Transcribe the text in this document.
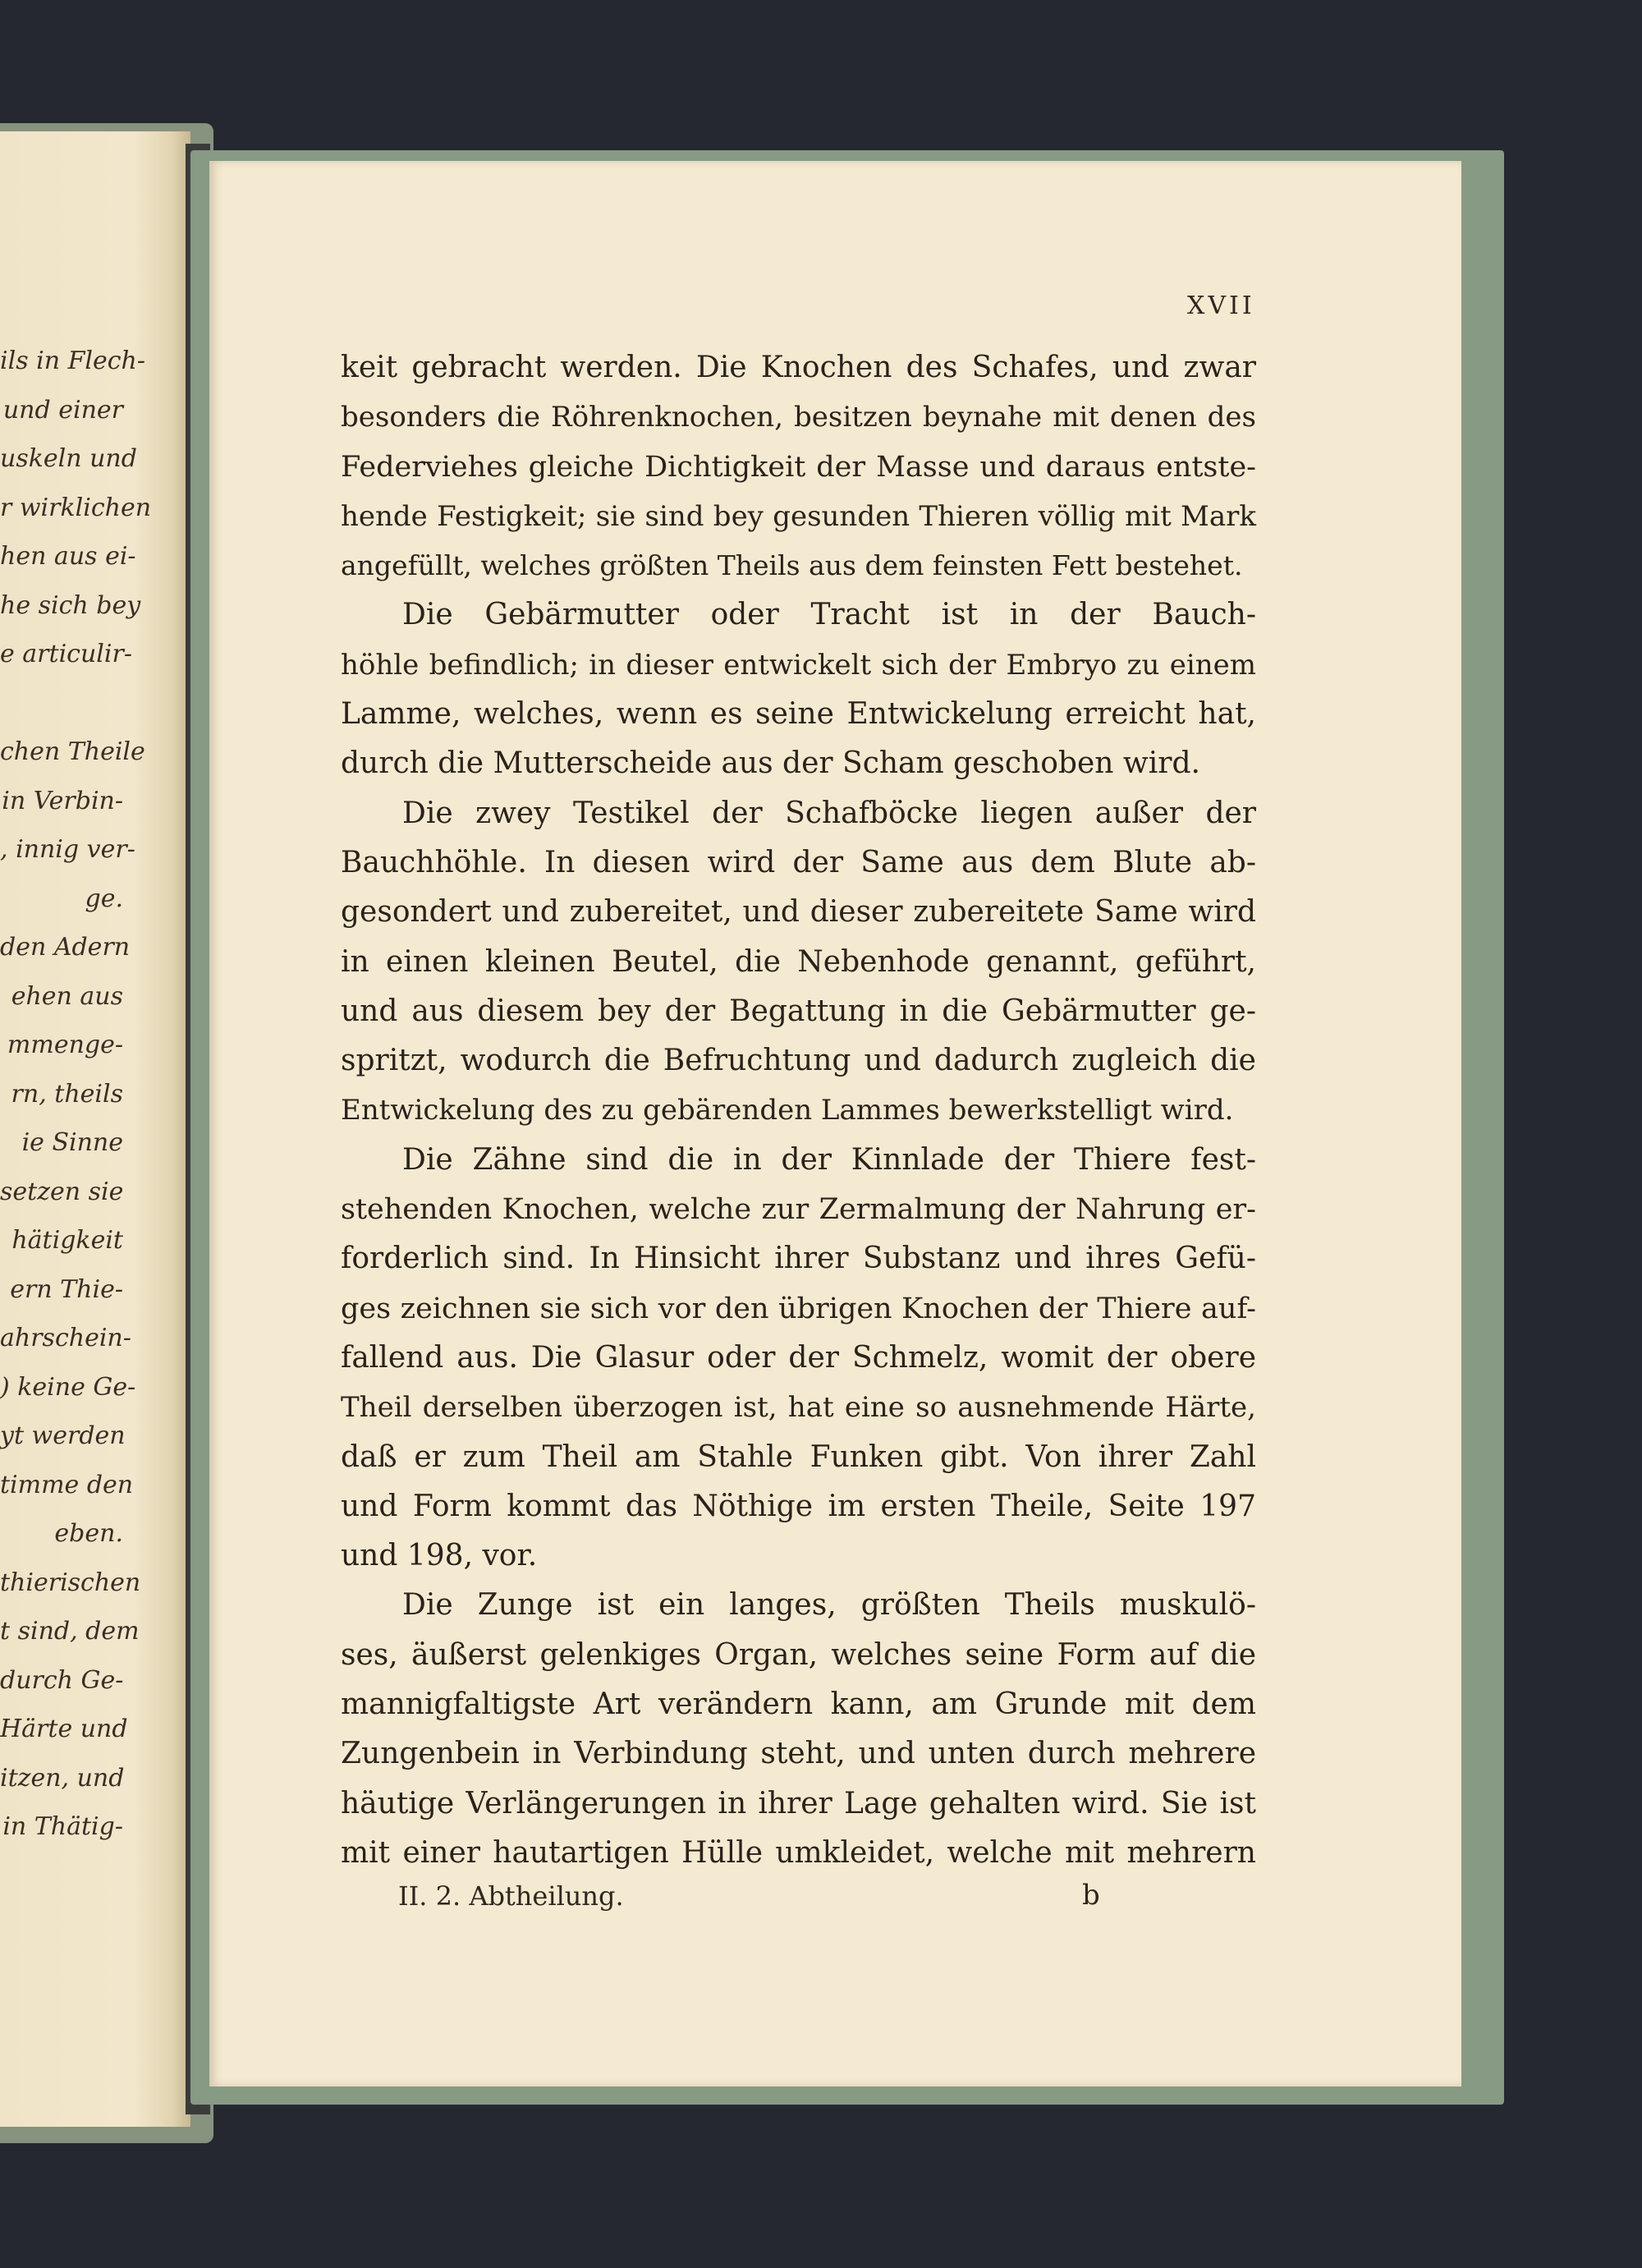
ils in Flech-
und einer
uskeln und
r wirklichen
hen aus ei-
he sich bey
e articulir-
chen Theile
in Verbin-
, innig ver-
ge.
den Adern
ehen aus
mmenge-
rn, theils
ie Sinne
setzen sie
hätigkeit
ern Thie-
ahrschein-
) keine Ge-
yt werden
timme den
eben.
thierischen
t sind, dem
durch Ge-
Härte und
itzen, und
in Thätig-
XVII
keit gebracht werden. Die Knochen des Schafes, und zwar
besonders die Röhrenknochen, besitzen beynahe mit denen des
Federviehes gleiche Dichtigkeit der Masse und daraus entste-
hende Festigkeit; sie sind bey gesunden Thieren völlig mit Mark
angefüllt, welches größten Theils aus dem feinsten Fett bestehet.
Die Gebärmutter oder Tracht ist in der Bauch-
höhle befindlich; in dieser entwickelt sich der Embryo zu einem
Lamme, welches, wenn es seine Entwickelung erreicht hat,
durch die Mutterscheide aus der Scham geschoben wird.
Die zwey Testikel der Schafböcke liegen außer der
Bauchhöhle. In diesen wird der Same aus dem Blute ab-
gesondert und zubereitet, und dieser zubereitete Same wird
in einen kleinen Beutel, die Nebenhode genannt, geführt,
und aus diesem bey der Begattung in die Gebärmutter ge-
spritzt, wodurch die Befruchtung und dadurch zugleich die
Entwickelung des zu gebärenden Lammes bewerkstelligt wird.
Die Zähne sind die in der Kinnlade der Thiere fest-
stehenden Knochen, welche zur Zermalmung der Nahrung er-
forderlich sind. In Hinsicht ihrer Substanz und ihres Gefü-
ges zeichnen sie sich vor den übrigen Knochen der Thiere auf-
fallend aus. Die Glasur oder der Schmelz, womit der obere
Theil derselben überzogen ist, hat eine so ausnehmende Härte,
daß er zum Theil am Stahle Funken gibt. Von ihrer Zahl
und Form kommt das Nöthige im ersten Theile, Seite 197
und 198, vor.
Die Zunge ist ein langes, größten Theils muskulö-
ses, äußerst gelenkiges Organ, welches seine Form auf die
mannigfaltigste Art verändern kann, am Grunde mit dem
Zungenbein in Verbindung steht, und unten durch mehrere
häutige Verlängerungen in ihrer Lage gehalten wird. Sie ist
mit einer hautartigen Hülle umkleidet, welche mit mehrern
II. 2. Abtheilung.	b
